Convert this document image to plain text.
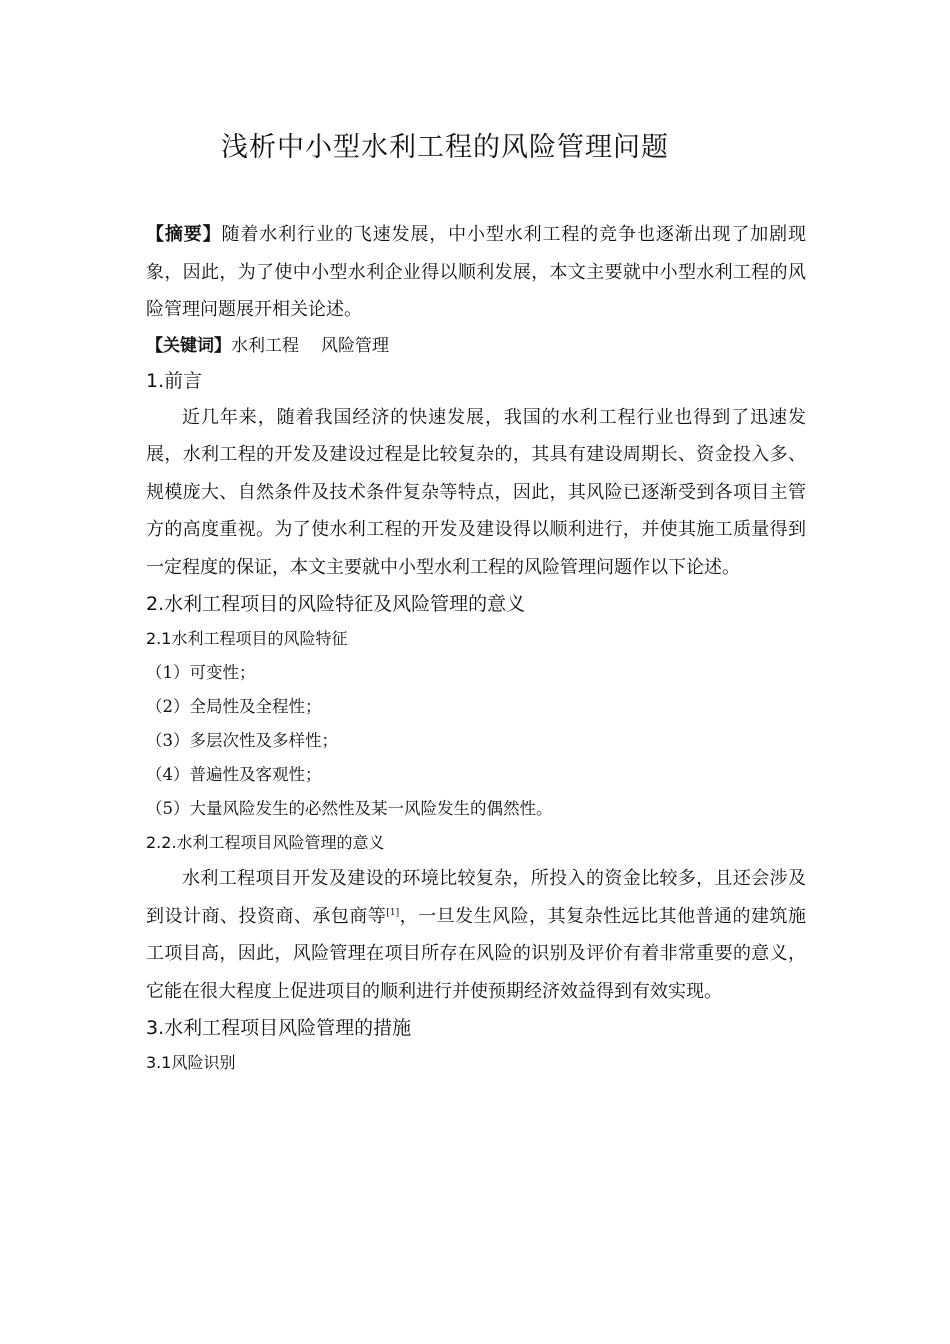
浅析中小型水利工程的风险管理问题

【摘要】随着水利行业的飞速发展，中小型水利工程的竞争也逐渐出现了加剧现象，因此，为了使中小型水利企业得以顺利发展，本文主要就中小型水利工程的风险管理问题展开相关论述。

【关键词】水利工程 风险管理

1.前言

近几年来，随着我国经济的快速发展，我国的水利工程行业也得到了迅速发展，水利工程的开发及建设过程是比较复杂的，其具有建设周期长、资金投入多、规模庞大、自然条件及技术条件复杂等特点，因此，其风险已逐渐受到各项目主管方的高度重视。为了使水利工程的开发及建设得以顺利进行，并使其施工质量得到一定程度的保证，本文主要就中小型水利工程的风险管理问题作以下论述。

2.水利工程项目的风险特征及风险管理的意义
2.1水利工程项目的风险特征

（1）可变性；

（2）全局性及全程性；

（3）多层次性及多样性；

（4）普遍性及客观性；

（5）大量风险发生的必然性及某一风险发生的偶然性。

2.2.水利工程项目风险管理的意义

水利工程项目开发及建设的环境比较复杂，所投入的资金比较多，且还会涉及到设计商、投资商、承包商等[1]，一旦发生风险，其复杂性远比其他普通的建筑施工项目高，因此，风险管理在项目所存在风险的识别及评价有着非常重要的意义，它能在很大程度上促进项目的顺利进行并使预期经济效益得到有效实现。

3.水利工程项目风险管理的措施
3.1风险识别
